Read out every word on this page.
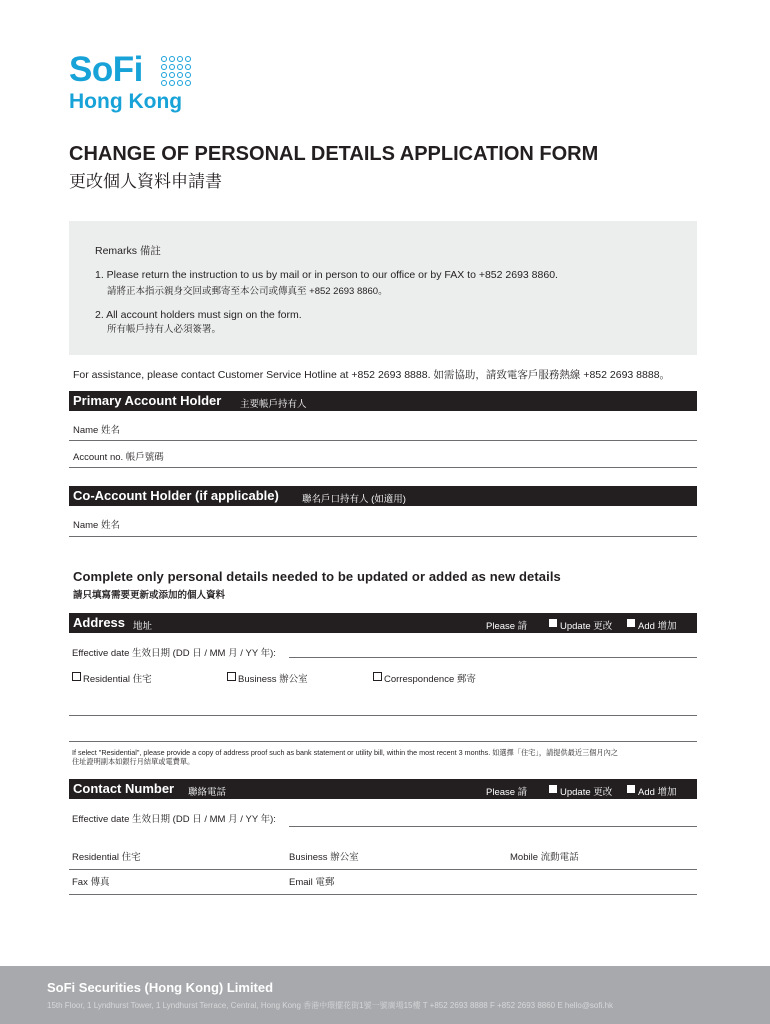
SoFi
Hong Kong
CHANGE OF PERSONAL DETAILS APPLICATION FORM
更改個人資料申請書
Remarks 備註
1. Please return the instruction to us by mail or in person to our office or by FAX to +852 2693 8860.
請將正本指示親身交回或郵寄至本公司或傳真至 +852 2693 8860。
2. All account holders must sign on the form.
所有帳戶持有人必須簽署。
For assistance, please contact Customer Service Hotline at +852 2693 8888. 如需協助，請致電客戶服務熱線 +852 2693 8888。
Primary Account Holder 主要帳戶持有人
Name 姓名
Account no. 帳戶號碼
Co-Account Holder (if applicable) 聯名戶口持有人 (如適用)
Name 姓名
Complete only personal details needed to be updated or added as new details
請只填寫需要更新或添加的個人資料
Address 地址	Please 請	Update 更改	Add 增加
Effective date 生效日期 (DD 日 / MM 月 / YY 年):
Residential 住宅	Business 辦公室	Correspondence 郵寄
If select "Residential", please provide a copy of address proof such as bank statement or utility bill, within the most recent 3 months. 如選擇「住宅」，請提供最近三個月內之
住址證明副本如銀行月結單或電費單。
Contact Number 聯絡電話	Please 請	Update 更改	Add 增加
Effective date 生效日期 (DD 日 / MM 月 / YY 年):
Residential 住宅	Business 辦公室	Mobile 流動電話
Fax 傳真	Email 電郵
SoFi Securities (Hong Kong) Limited
15th Floor, 1 Lyndhurst Tower, 1 Lyndhurst Terrace, Central, Hong Kong 香港中環擺花街1號一號廣場15樓 T +852 2693 8888 F +852 2693 8860 E hello@sofi.hk
